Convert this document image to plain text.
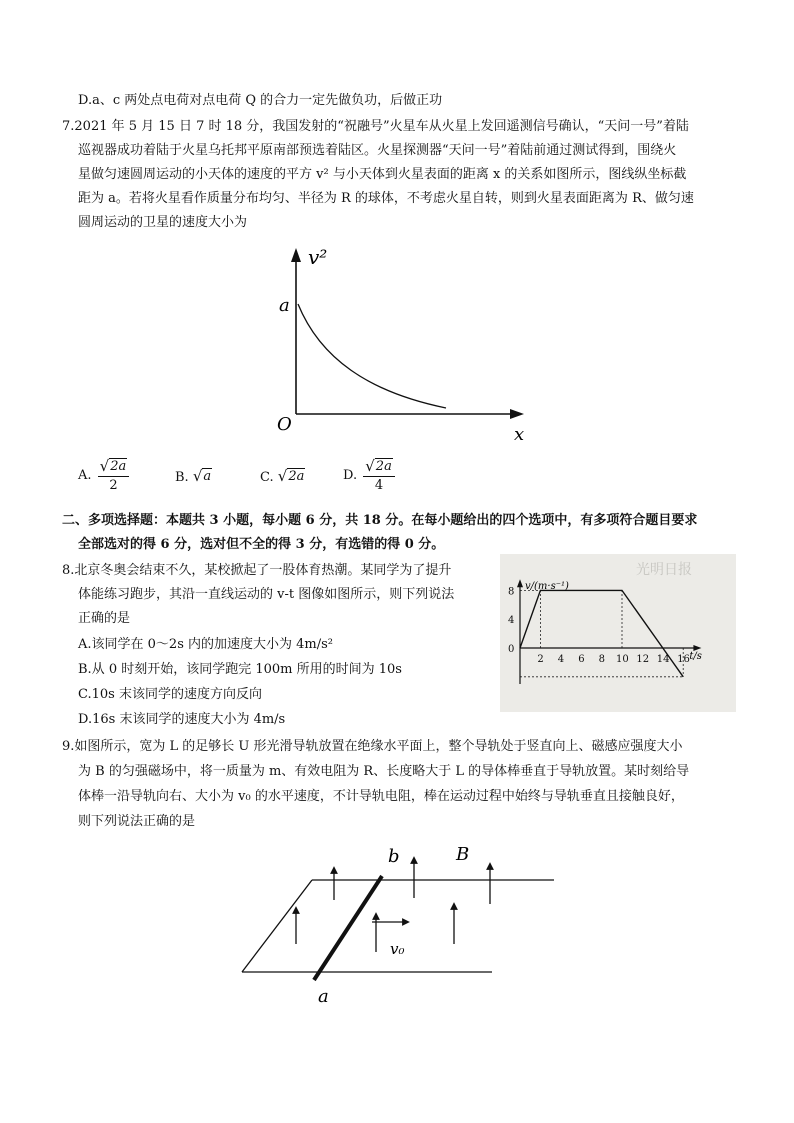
D.a、c 两处点电荷对点电荷 Q 的合力一定先做负功，后做正功
7.2021 年 5 月 15 日 7 时 18 分，我国发射的“祝融号”火星车从火星上发回遥测信号确认，“天问一号”着陆
巡视器成功着陆于火星乌托邦平原南部预选着陆区。火星探测器“天问一号”着陆前通过测试得到，围绕火
星做匀速圆周运动的小天体的速度的平方 v² 与小天体到火星表面的距离 x 的关系如图所示，图线纵坐标截
距为 a。若将火星看作质量分布均匀、半径为 R 的球体，不考虑火星自转，则到火星表面距离为 R、做匀速
圆周运动的卫星的速度大小为
v²
a
O	x
A. $\frac{√ 2a}{2}$	B. √ a	C. √ 2a	D. $\frac{√ 2a}{4}$
二、多项选择题：本题共 3 小题，每小题 6 分，共 18 分。在每小题给出的四个选项中，有多项符合题目要求
全部选对的得 6 分，选对但不全的得 3 分，有选错的得 0 分。
8.北京冬奥会结束不久，某校掀起了一股体育热潮。某同学为了提升
体能练习跑步，其沿一直线运动的 v-t 图像如图所示，则下列说法
正确的是
A.该同学在 0～2s 内的加速度大小为 4m/s²
B.从 0 时刻开始，该同学跑完 100m 所用的时间为 10s
C.10s 末该同学的速度方向反向
D.16s 末该同学的速度大小为 4m/s
光明日报
2 4 6 8 10 12 14 16
0
4
8 v/(m·s⁻¹)
t/s
9.如图所示，宽为 L 的足够长 U 形光滑导轨放置在绝缘水平面上，整个导轨处于竖直向上、磁感应强度大小
为 B 的匀强磁场中，将一质量为 m、有效电阻为 R、长度略大于 L 的导体棒垂直于导轨放置。某时刻给导
体棒一沿导轨向右、大小为 v₀ 的水平速度，不计导轨电阻，棒在运动过程中始终与导轨垂直且接触良好，
则下列说法正确的是
b	B
v₀
a
